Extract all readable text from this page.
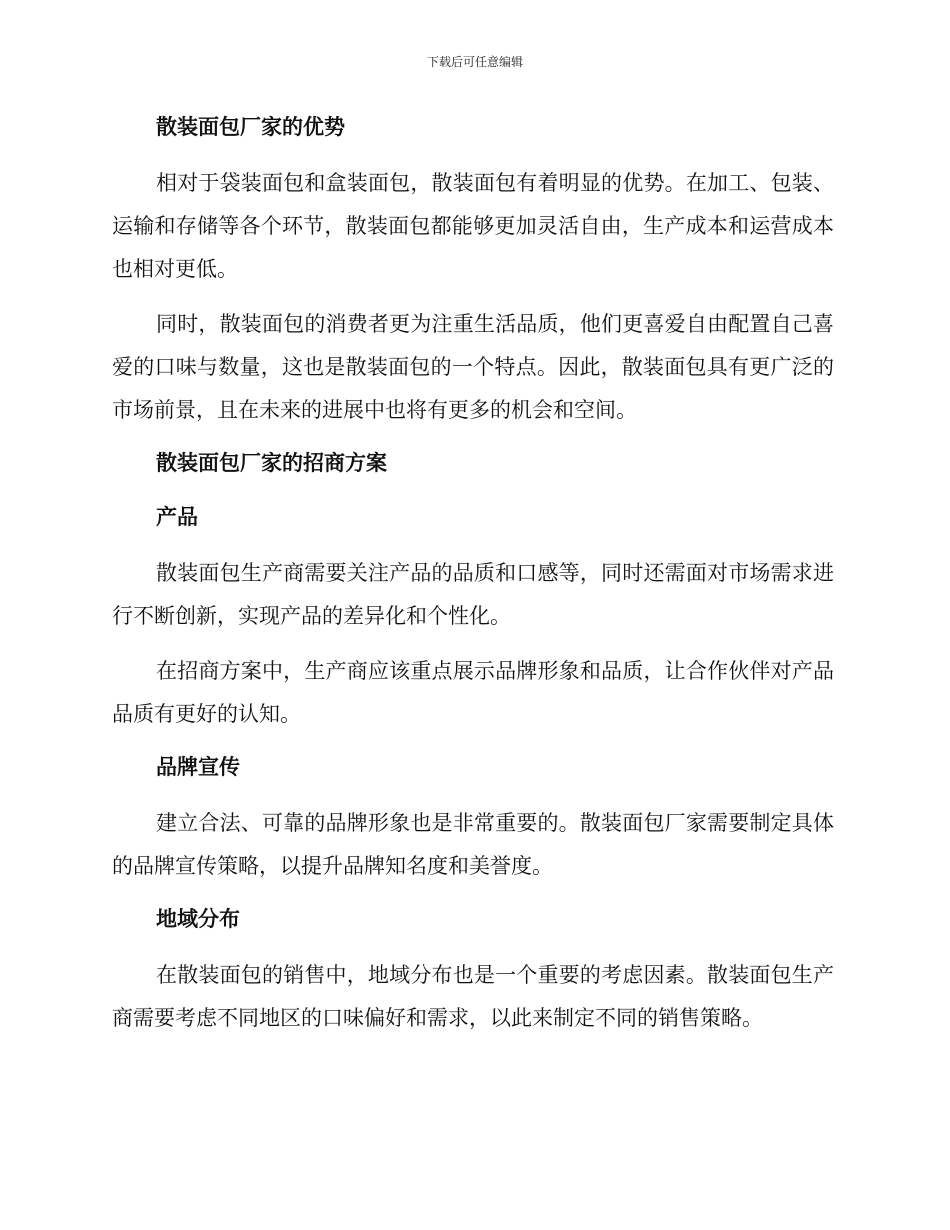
下载后可任意编辑
散装面包厂家的优势

相对于袋装面包和盒装面包，散装面包有着明显的优势。在加工、包装、运输和存储等各个环节，散装面包都能够更加灵活自由，生产成本和运营成本也相对更低。

同时，散装面包的消费者更为注重生活品质，他们更喜爱自由配置自己喜爱的口味与数量，这也是散装面包的一个特点。因此，散装面包具有更广泛的市场前景，且在未来的进展中也将有更多的机会和空间。

散装面包厂家的招商方案
产品

散装面包生产商需要关注产品的品质和口感等，同时还需面对市场需求进行不断创新，实现产品的差异化和个性化。

在招商方案中，生产商应该重点展示品牌形象和品质，让合作伙伴对产品品质有更好的认知。

品牌宣传

建立合法、可靠的品牌形象也是非常重要的。散装面包厂家需要制定具体的品牌宣传策略，以提升品牌知名度和美誉度。

地域分布

在散装面包的销售中，地域分布也是一个重要的考虑因素。散装面包生产商需要考虑不同地区的口味偏好和需求，以此来制定不同的销售策略。
